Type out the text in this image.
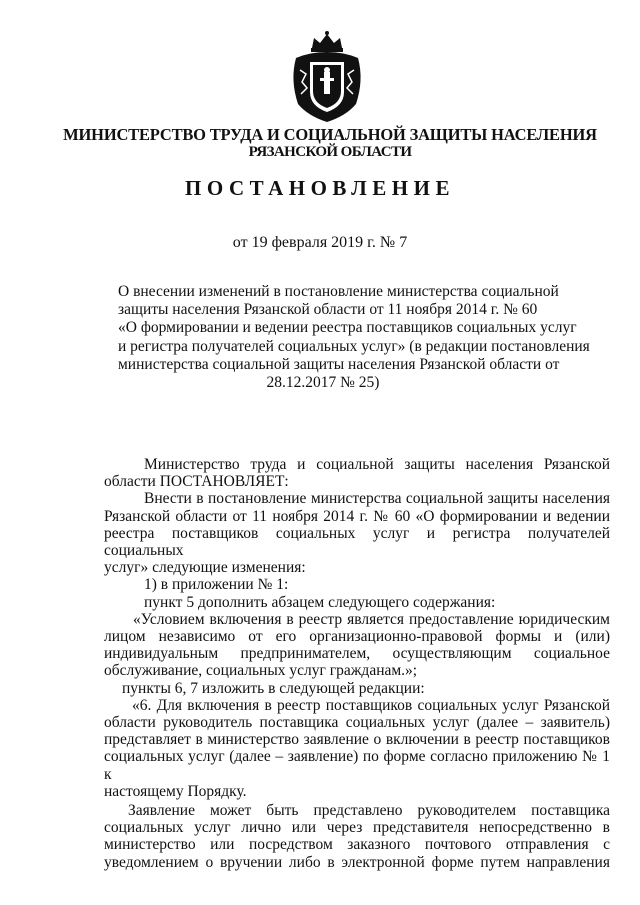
МИНИСТЕРСТВО ТРУДА И СОЦИАЛЬНОЙ ЗАЩИТЫ НАСЕЛЕНИЯ
РЯЗАНСКОЙ ОБЛАСТИ
ПОСТАНОВЛЕНИЕ
от 19 февраля 2019 г. № 7
О внесении изменений в постановление министерства социальной
защиты населения Рязанской области от 11 ноября 2014 г. № 60
«О формировании и ведении реестра поставщиков социальных услуг
и регистра получателей социальных услуг» (в редакции постановления
министерства социальной защиты населения Рязанской области от
28.12.2017 № 25)
Министерство труда и социальной защиты населения Рязанской
области ПОСТАНОВЛЯЕТ:
Внести в постановление министерства социальной защиты населения
Рязанской области от 11 ноября 2014 г. № 60 «О формировании и ведении
реестра поставщиков социальных услуг и регистра получателей социальных
услуг» следующие изменения:
1) в приложении № 1:
пункт 5 дополнить абзацем следующего содержания:
«Условием включения в реестр является предоставление юридическим
лицом независимо от его организационно-правовой формы и (или)
индивидуальным предпринимателем, осуществляющим социальное
обслуживание, социальных услуг гражданам.»;
пункты 6, 7 изложить в следующей редакции:
«6. Для включения в реестр поставщиков социальных услуг Рязанской
области руководитель поставщика социальных услуг (далее – заявитель)
представляет в министерство заявление о включении в реестр поставщиков
социальных услуг (далее – заявление) по форме согласно приложению № 1 к
настоящему Порядку.
Заявление может быть представлено руководителем поставщика
социальных услуг лично или через представителя непосредственно в
министерство или посредством заказного почтового отправления с
уведомлением о вручении либо в электронной форме путем направления
